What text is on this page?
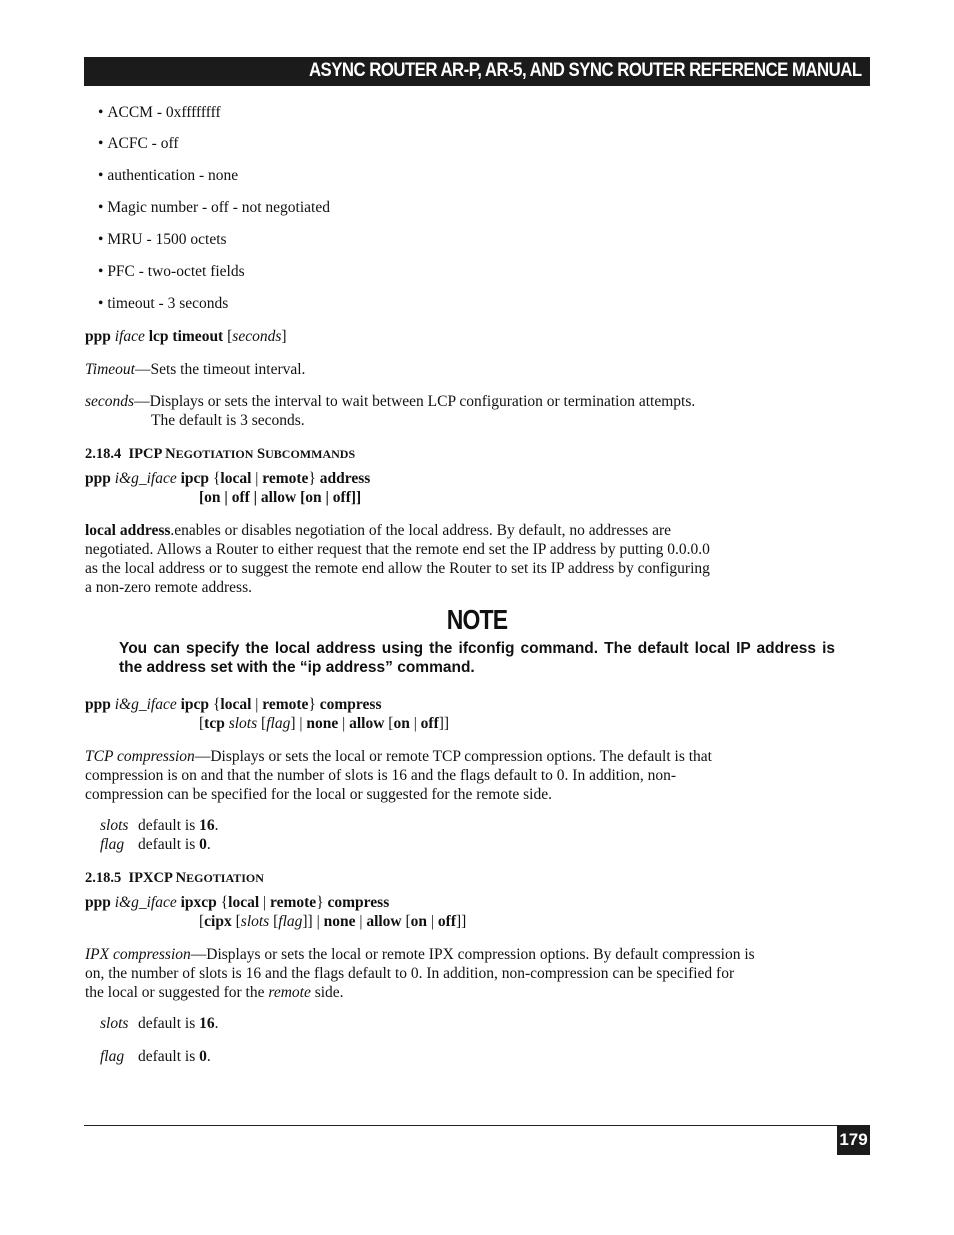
ASYNC ROUTER AR-P, AR-5, AND SYNC ROUTER REFERENCE MANUAL
• ACCM - 0xffffffff
• ACFC - off
• authentication - none
• Magic number - off - not negotiated
• MRU - 1500 octets
• PFC - two-octet fields
• timeout - 3 seconds
ppp iface lcp timeout [seconds]
Timeout—Sets the timeout interval.
seconds—Displays or sets the interval to wait between LCP configuration or termination attempts.
The default is 3 seconds.
2.18.4 IPCP NEGOTIATION SUBCOMMANDS
ppp i&g_iface ipcp {local | remote} address
[on | off | allow [on | off]]
local address.enables or disables negotiation of the local address. By default, no addresses are
negotiated. Allows a Router to either request that the remote end set the IP address by putting 0.0.0.0
as the local address or to suggest the remote end allow the Router to set its IP address by configuring
a non-zero remote address.
NOTE
You can specify the local address using the ifconfig command. The default local IP address is the address set with the “ip address” command.
ppp i&g_iface ipcp {local | remote} compress
[tcp slots [flag] | none | allow [on | off]]
TCP compression—Displays or sets the local or remote TCP compression options. The default is that
compression is on and that the number of slots is 16 and the flags default to 0. In addition, non-
compression can be specified for the local or suggested for the remote side.
slots default is 16.
flag default is 0.
2.18.5 IPXCP NEGOTIATION
ppp i&g_iface ipxcp {local | remote} compress
[cipx [slots [flag]] | none | allow [on | off]]
IPX compression—Displays or sets the local or remote IPX compression options. By default compression is
on, the number of slots is 16 and the flags default to 0. In addition, non-compression can be specified for
the local or suggested for the remote side.
slots default is 16.
flag default is 0.
179
